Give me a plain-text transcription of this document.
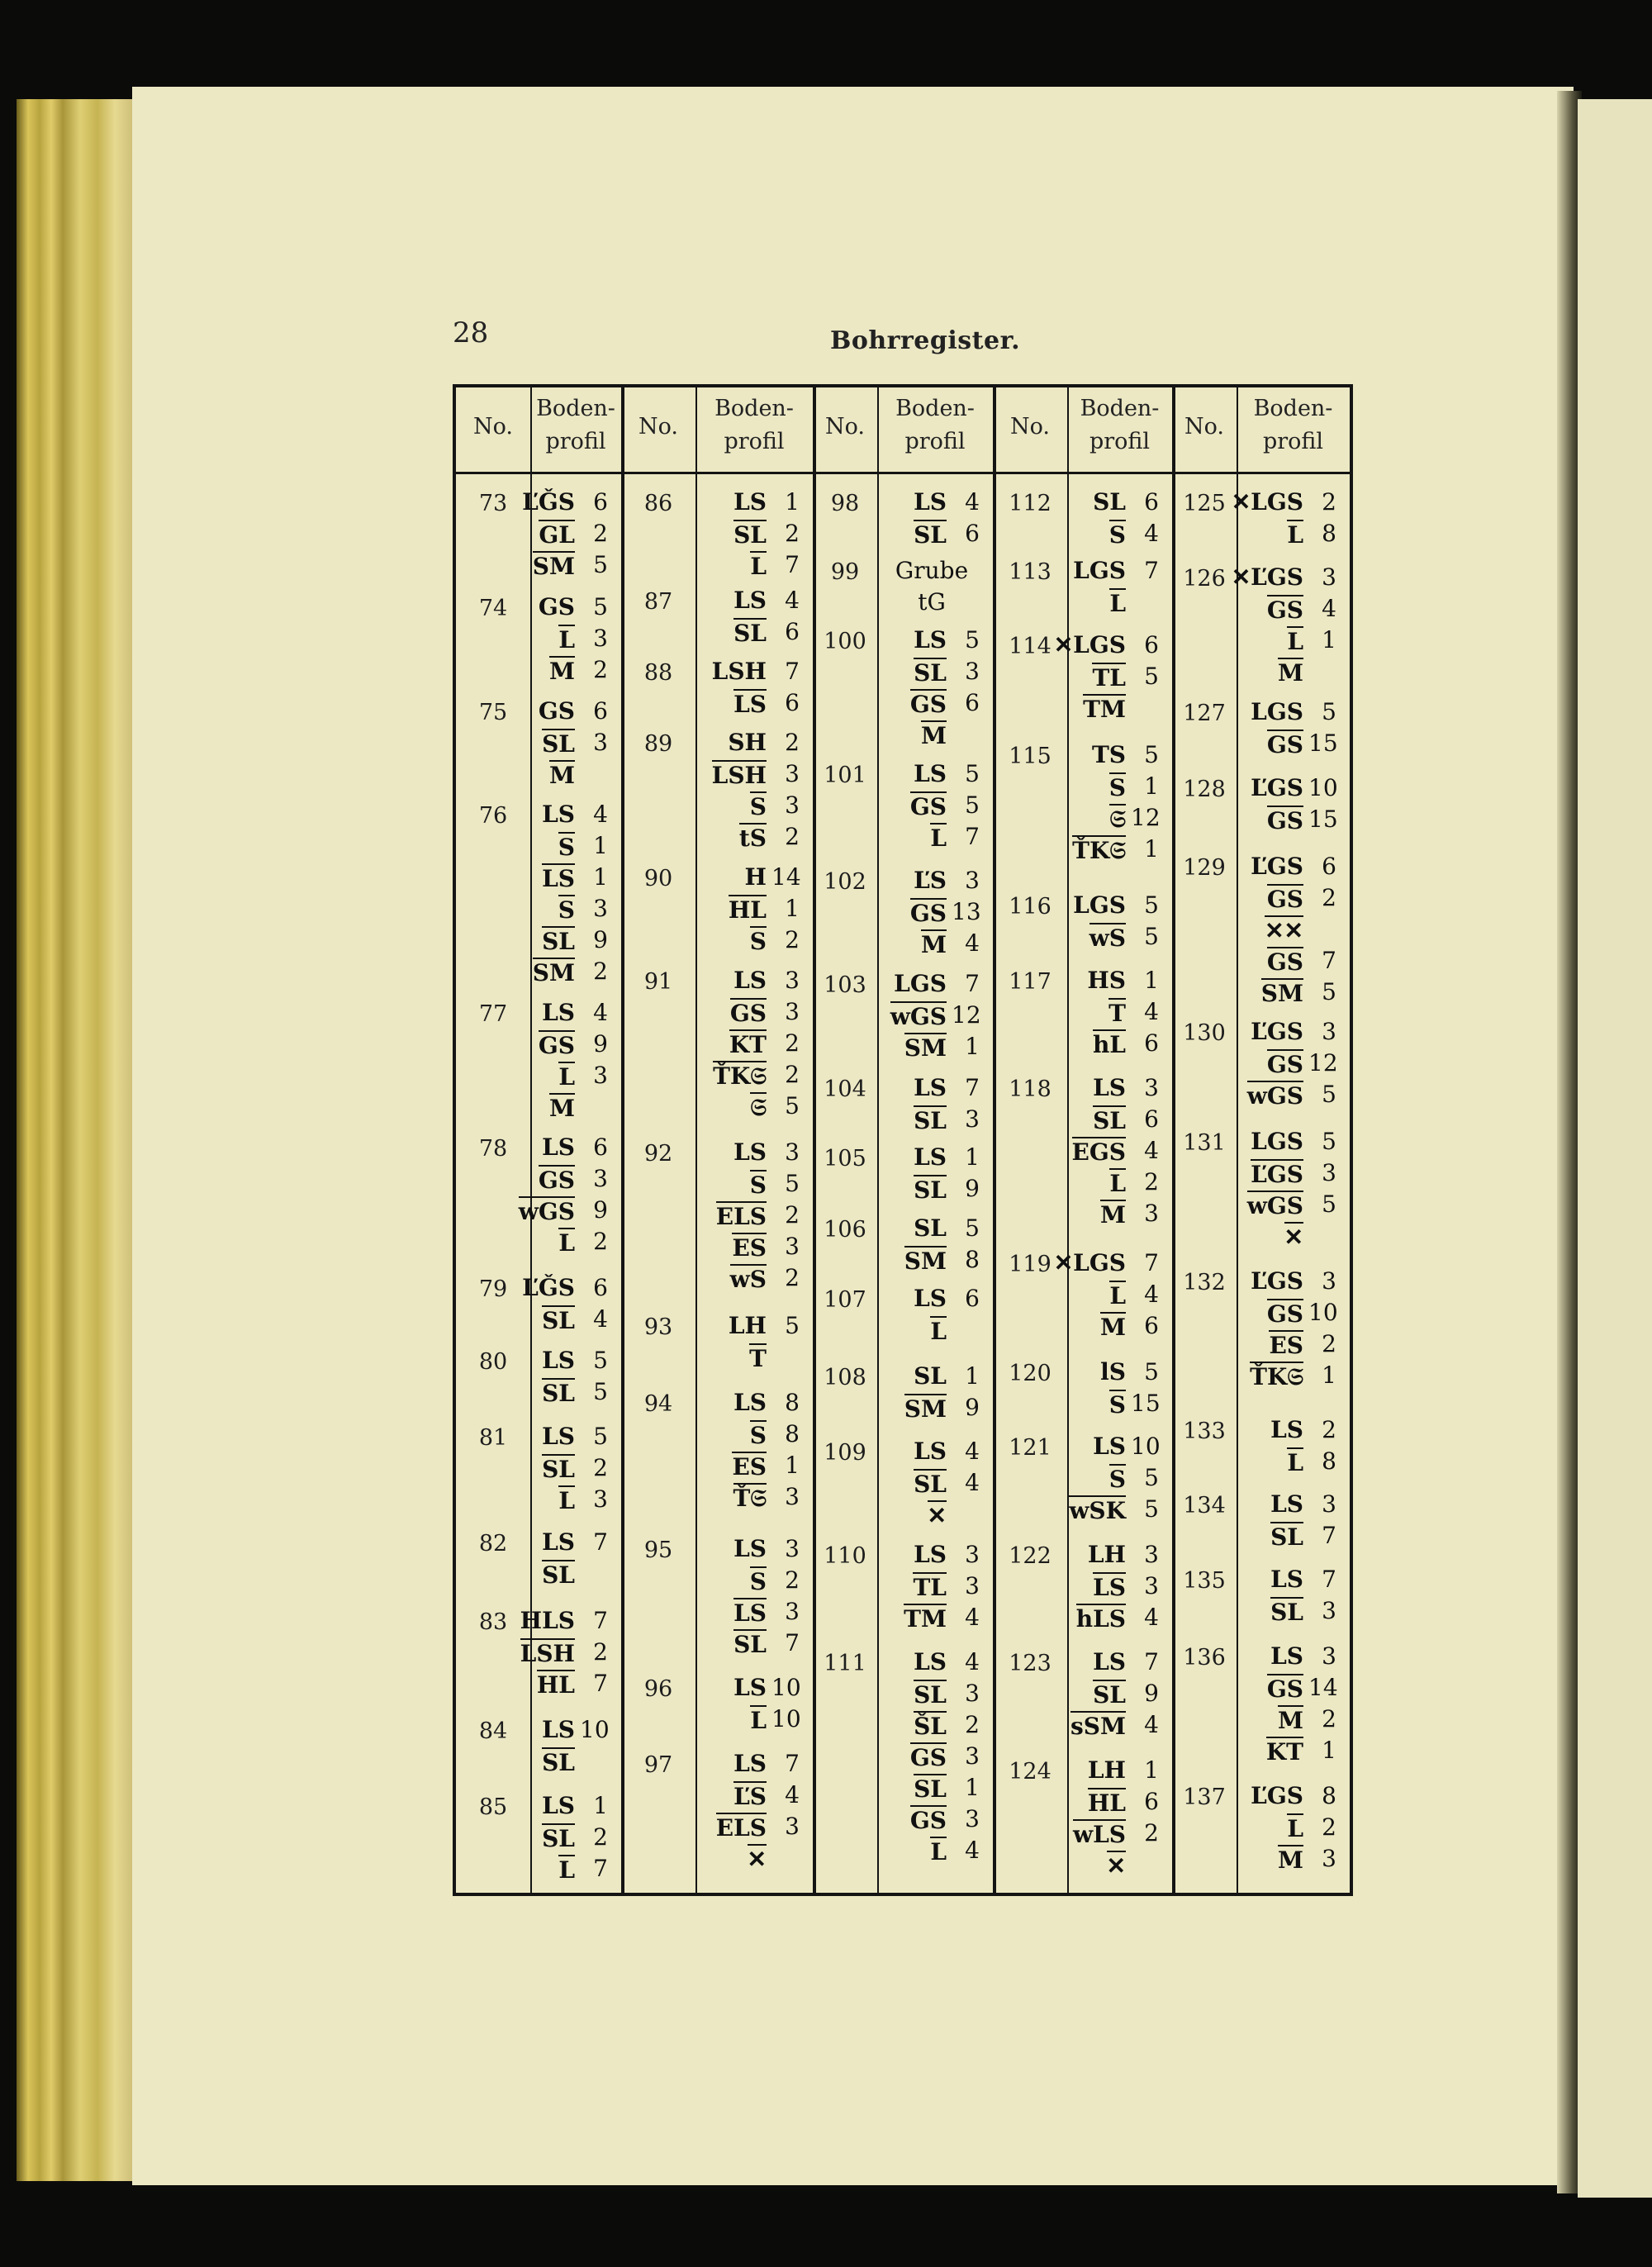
28	Bohrregister.
No.
Boden-
profil
73 ĽǦS 6
GL 2
SM 5
74	GS 5
L 3
M 2
75	GS 6
SL 3
M
76	LS 4
S 1
LS 1
S 3
SL 9
SM 2
77	LS 4
GS 9
L 3
M
78	LS 6
GS 3
wGS 9
L 2
79 ĽǦS 6
SL 4
80	LS 5
SL 5
81	LS 5
SL 2
L 3
82	LS 7
SL
83 HLS 7
LSH 2
HL 7
84	LS 10
SL
85	LS 1
SL 2
L 7
No.
Boden-
profil
86	LS 1
SL 2
L 7
87	LS 4
SL 6
88	LSH 7
LS 6
89	SH 2
LSH 3
S 3
tS 2
90	H 14
HL 1
S 2
91	LS 3
GS 3
KT 2
ŤK𝔖 2
𝔖 5
92	LS 3
S 5
ELS 2
ES 3
wS 2
93	LH 5
T
94	LS 8
S 8
ES 1
Ť𝔖 3
95	LS 3
S 2
LS 3
SL 7
96	LS 10
L 10
97	LS 7
ĽS 4
ELS 3
✕
No.
Boden-
profil
98	LS 4
SL 6
99	Grube
tG
100 LS 5
SL 3
GS 6
M
101 LS 5
GS 5
L 7
102 ĽS 3
GS 13
M 4
103 LGS 7
wGS 12
SM 1
104 LS 7
SL 3
105 LS 1
SL 9
106 SL 5
SM 8
107 LS 6
L
108 SL 1
SM 9
109 LS 4
SL 4
✕
110 LS 3
TL 3
TM 4
111 LS 4
SL 3
ŠL 2
GS 3
SL 1
GS 3
L 4
No.
Boden-
profil
112 SL 6
S 4
113 LGS 7
L
114 ✕LGS 6
TL 5
TM
115 TS 5
S 1
𝔖 12
ŤK𝔖 1
116 LGS 5
wS 5
117 HS 1
T 4
hL 6
118 LS 3
SL 6
EGS 4
L 2
M 3
119 ✕LGS 7
L 4
M 6
120 lS 5
S 15
121 LS 10
S 5
wSK 5
122 LH 3
LS 3
hLS 4
123 LS 7
SL 9
sSM 4
124 LH 1
HL 6
wLS 2
✕
No.
Boden-
profil
125 ✕LGS 2
L 8
126 ✕ĽGS 3
GS 4
L 1
M
127 LGS 5
GS 15
128 ĽGS 10
GS 15
129 ĽGS 6
GS 2
✕✕
GS 7
SM 5
130 ĽGS 3
GS 12
wGS 5
131 LGS 5
ĽGS 3
wGS 5
✕
132 ĽGS 3
GS 10
ES 2
ŤK𝔖 1
133 LS 2
L 8
134 LS 3
SL 7
135 LS 7
SL 3
136 LS 3
GS 14
M 2
KT 1
137 ĽGS 8
L 2
M 3
